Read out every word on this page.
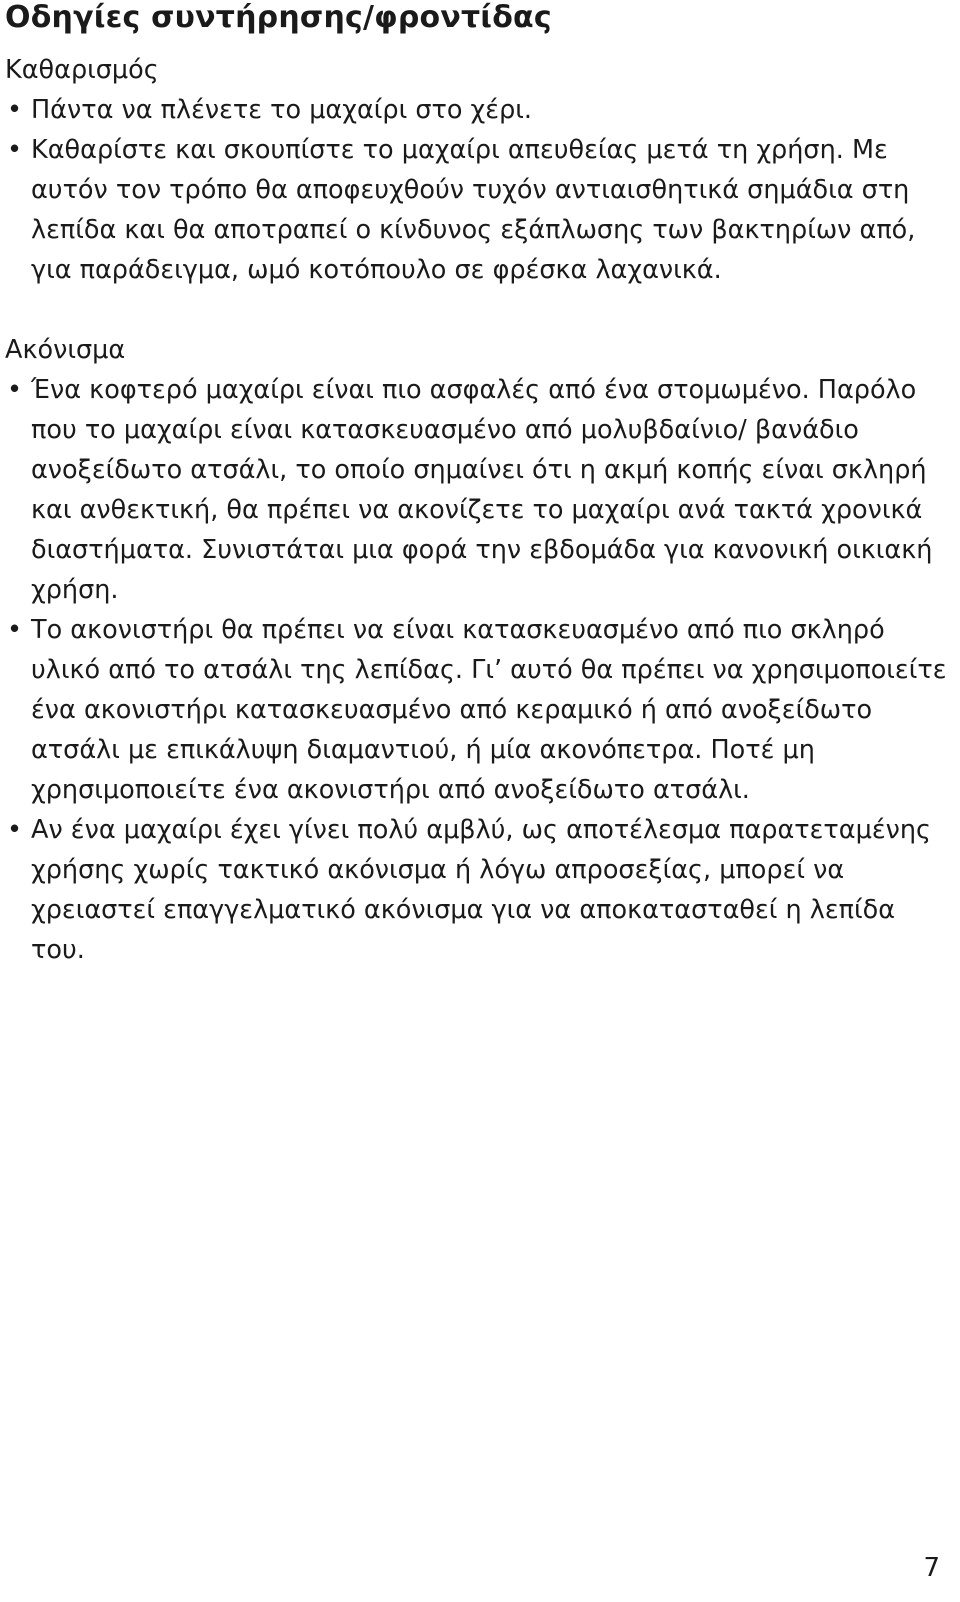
Οδηγίες συντήρησης/φροντίδας

Καθαρισμός

• Πάντα να πλένετε το μαχαίρι στο χέρι.
• Καθαρίστε και σκουπίστε το μαχαίρι απευθείας μετά τη χρήση. Με αυτόν τον τρόπο θα αποφευχθούν τυχόν αντιαισθητικά σημάδια στη λεπίδα και θα αποτραπεί ο κίνδυνος εξάπλωσης των βακτηρίων από, για παράδειγμα, ωμό κοτόπουλο σε φρέσκα λαχανικά.

Ακόνισμα

• Ένα κοφτερό μαχαίρι είναι πιο ασφαλές από ένα στομωμένο. Παρόλο που το μαχαίρι είναι κατασκευασμένο από μολυβδαίνιο/ βανάδιο ανοξείδωτο ατσάλι, το οποίο σημαίνει ότι η ακμή κοπής είναι σκληρή και ανθεκτική, θα πρέπει να ακονίζετε το μαχαίρι ανά τακτά χρονικά διαστήματα. Συνιστάται μια φορά την εβδομάδα για κανονική οικιακή χρήση.
• Το ακονιστήρι θα πρέπει να είναι κατασκευασμένο από πιο σκληρό υλικό από το ατσάλι της λεπίδας. Γι’ αυτό θα πρέπει να χρησιμοποιείτε ένα ακονιστήρι κατασκευασμένο από κεραμικό ή από ανοξείδωτο ατσάλι με επικάλυψη διαμαντιού, ή μία ακονόπετρα. Ποτέ μη χρησιμοποιείτε ένα ακονιστήρι από ανοξείδωτο ατσάλι.
• Αν ένα μαχαίρι έχει γίνει πολύ αμβλύ, ως αποτέλεσμα παρατεταμένης χρήσης χωρίς τακτικό ακόνισμα ή λόγω απροσεξίας, μπορεί να χρειαστεί επαγγελματικό ακόνισμα για να αποκατασταθεί η λεπίδα του.
7
